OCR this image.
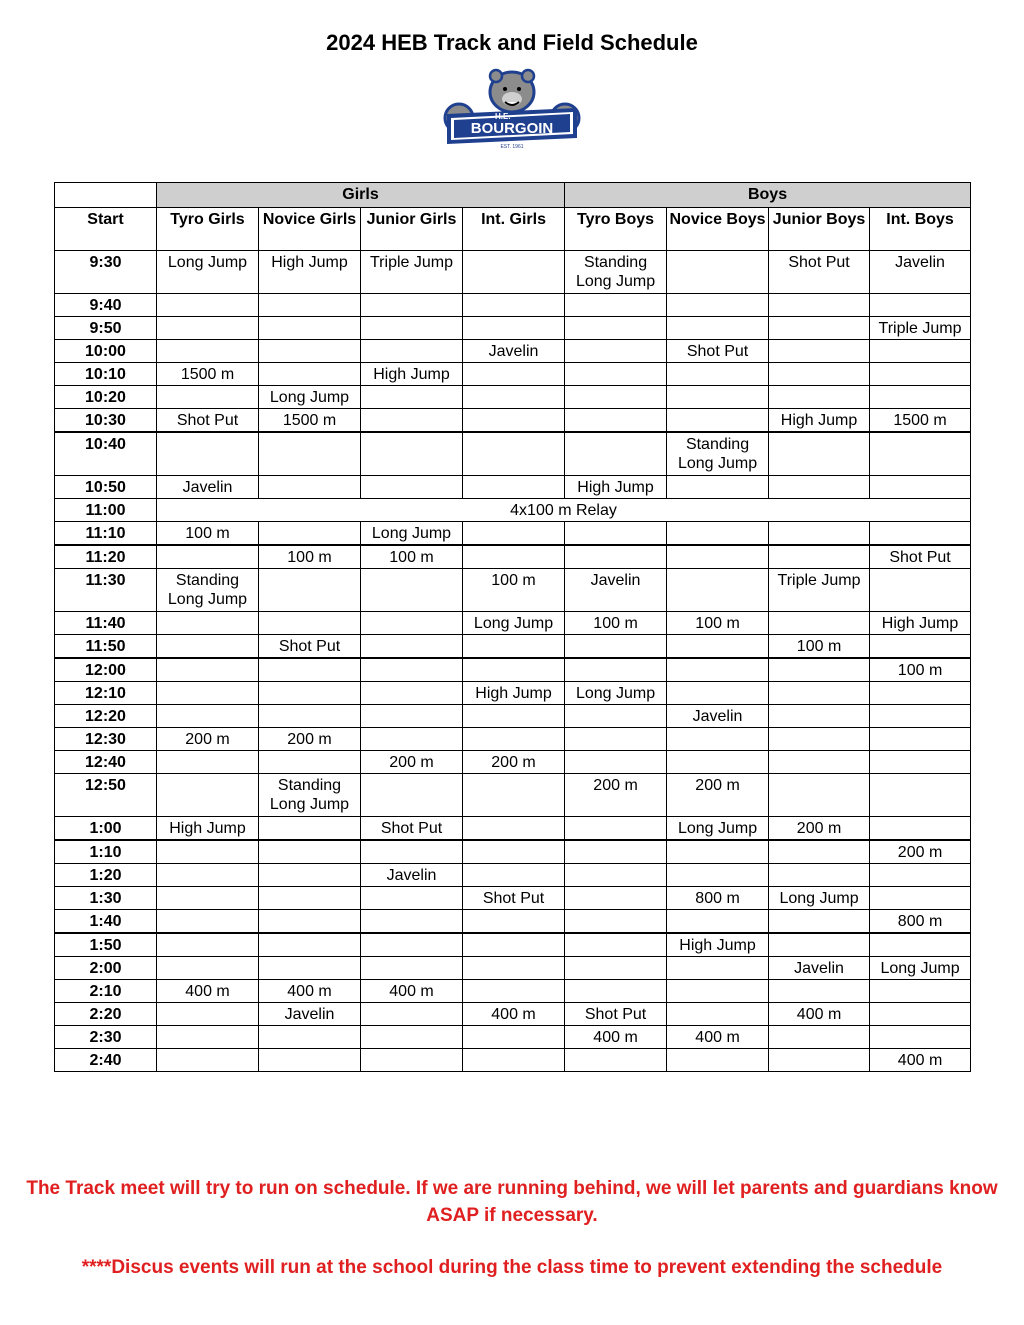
2024 HEB Track and Field Schedule
H.E.
BOURGOIN
EST. 1961
	Girls				Boys			
Start	Tyro Girls	Novice Girls	Junior Girls	Int. Girls	Tyro Boys	Novice Boys	Junior Boys	Int. Boys
9:30	Long Jump	High Jump	Triple Jump		Standing Long Jump		Shot Put	Javelin
9:40								
9:50								Triple Jump
10:00				Javelin		Shot Put		
10:10	1500 m		High Jump					
10:20		Long Jump						
10:30	Shot Put	1500 m					High Jump	1500 m
10:40						Standing Long Jump		
10:50	Javelin				High Jump			
11:00	4x100 m Relay							
11:10	100 m		Long Jump					
11:20		100 m	100 m					Shot Put
11:30	Standing Long Jump			100 m	Javelin		Triple Jump	
11:40				Long Jump	100 m	100 m		High Jump
11:50		Shot Put					100 m	
12:00								100 m
12:10				High Jump	Long Jump			
12:20						Javelin		
12:30	200 m	200 m						
12:40			200 m	200 m				
12:50		Standing Long Jump			200 m	200 m		
1:00	High Jump		Shot Put			Long Jump	200 m	
1:10								200 m
1:20			Javelin					
1:30				Shot Put		800 m	Long Jump	
1:40								800 m
1:50						High Jump		
2:00							Javelin	Long Jump
2:10	400 m	400 m	400 m					
2:20		Javelin		400 m	Shot Put		400 m	
2:30					400 m	400 m		
2:40								400 m
The Track meet will try to run on schedule. If we are running behind, we will let parents and guardians know ASAP if necessary.
****Discus events will run at the school during the class time to prevent extending the schedule
